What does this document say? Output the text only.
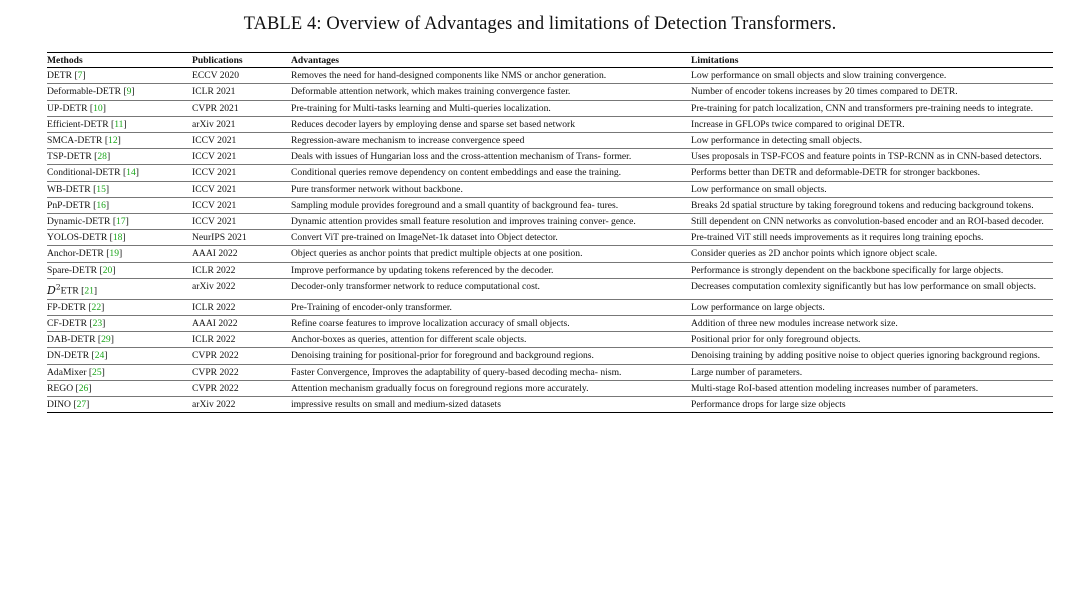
TABLE 4: Overview of Advantages and limitations of Detection Transformers.
Methods	Publications	Advantages	Limitations
DETR [7]	ECCV 2020	Removes the need for hand-designed components like NMS or anchor generation.	Low performance on small objects and slow training convergence.
Deformable-DETR [9]	ICLR 2021	Deformable attention network, which makes training convergence faster.	Number of encoder tokens increases by 20 times compared to DETR.
UP-DETR [10]	CVPR 2021	Pre-training for Multi-tasks learning and Multi-queries localization.	Pre-training for patch localization, CNN and transformers pre-training needs to integrate.
Efficient-DETR [11]	arXiv 2021	Reduces decoder layers by employing dense and sparse set based network	Increase in GFLOPs twice compared to original DETR.
SMCA-DETR [12]	ICCV 2021	Regression-aware mechanism to increase convergence speed	Low performance in detecting small objects.
TSP-DETR [28]	ICCV 2021	Deals with issues of Hungarian loss and the cross-attention mechanism of Trans- former.	Uses proposals in TSP-FCOS and feature points in TSP-RCNN as in CNN-based detectors.
Conditional-DETR [14]	ICCV 2021	Conditional queries remove dependency on content embeddings and ease the training.	Performs better than DETR and deformable-DETR for stronger backbones.
WB-DETR [15]	ICCV 2021	Pure transformer network without backbone.	Low performance on small objects.
PnP-DETR [16]	ICCV 2021	Sampling module provides foreground and a small quantity of background fea- tures.	Breaks 2d spatial structure by taking foreground tokens and reducing background tokens.
Dynamic-DETR [17]	ICCV 2021	Dynamic attention provides small feature resolution and improves training conver- gence.	Still dependent on CNN networks as convolution-based encoder and an ROI-based decoder.
YOLOS-DETR [18]	NeurIPS 2021	Convert ViT pre-trained on ImageNet-1k dataset into Object detector.	Pre-trained ViT still needs improvements as it requires long training epochs.
Anchor-DETR [19]	AAAI 2022	Object queries as anchor points that predict multiple objects at one position.	Consider queries as 2D anchor points which ignore object scale.
Spare-DETR [20]	ICLR 2022	Improve performance by updating tokens referenced by the decoder.	Performance is strongly dependent on the backbone specifically for large objects.
$D^2ETR$ [21]	arXiv 2022	Decoder-only transformer network to reduce computational cost.	Decreases computation comlexity significantly but has low performance on small objects.
FP-DETR [22]	ICLR 2022	Pre-Training of encoder-only transformer.	Low performance on large objects.
CF-DETR [23]	AAAI 2022	Refine coarse features to improve localization accuracy of small objects.	Addition of three new modules increase network size.
DAB-DETR [29]	ICLR 2022	Anchor-boxes as queries, attention for different scale objects.	Positional prior for only foreground objects.
DN-DETR [24]	CVPR 2022	Denoising training for positional-prior for foreground and background regions.	Denoising training by adding positive noise to object queries ignoring background regions.
AdaMixer [25]	CVPR 2022	Faster Convergence, Improves the adaptability of query-based decoding mecha- nism.	Large number of parameters.
REGO [26]	CVPR 2022	Attention mechanism gradually focus on foreground regions more accurately.	Multi-stage RoI-based attention modeling increases number of parameters.
DINO [27]	arXiv 2022	impressive results on small and medium-sized datasets	Performance drops for large size objects
